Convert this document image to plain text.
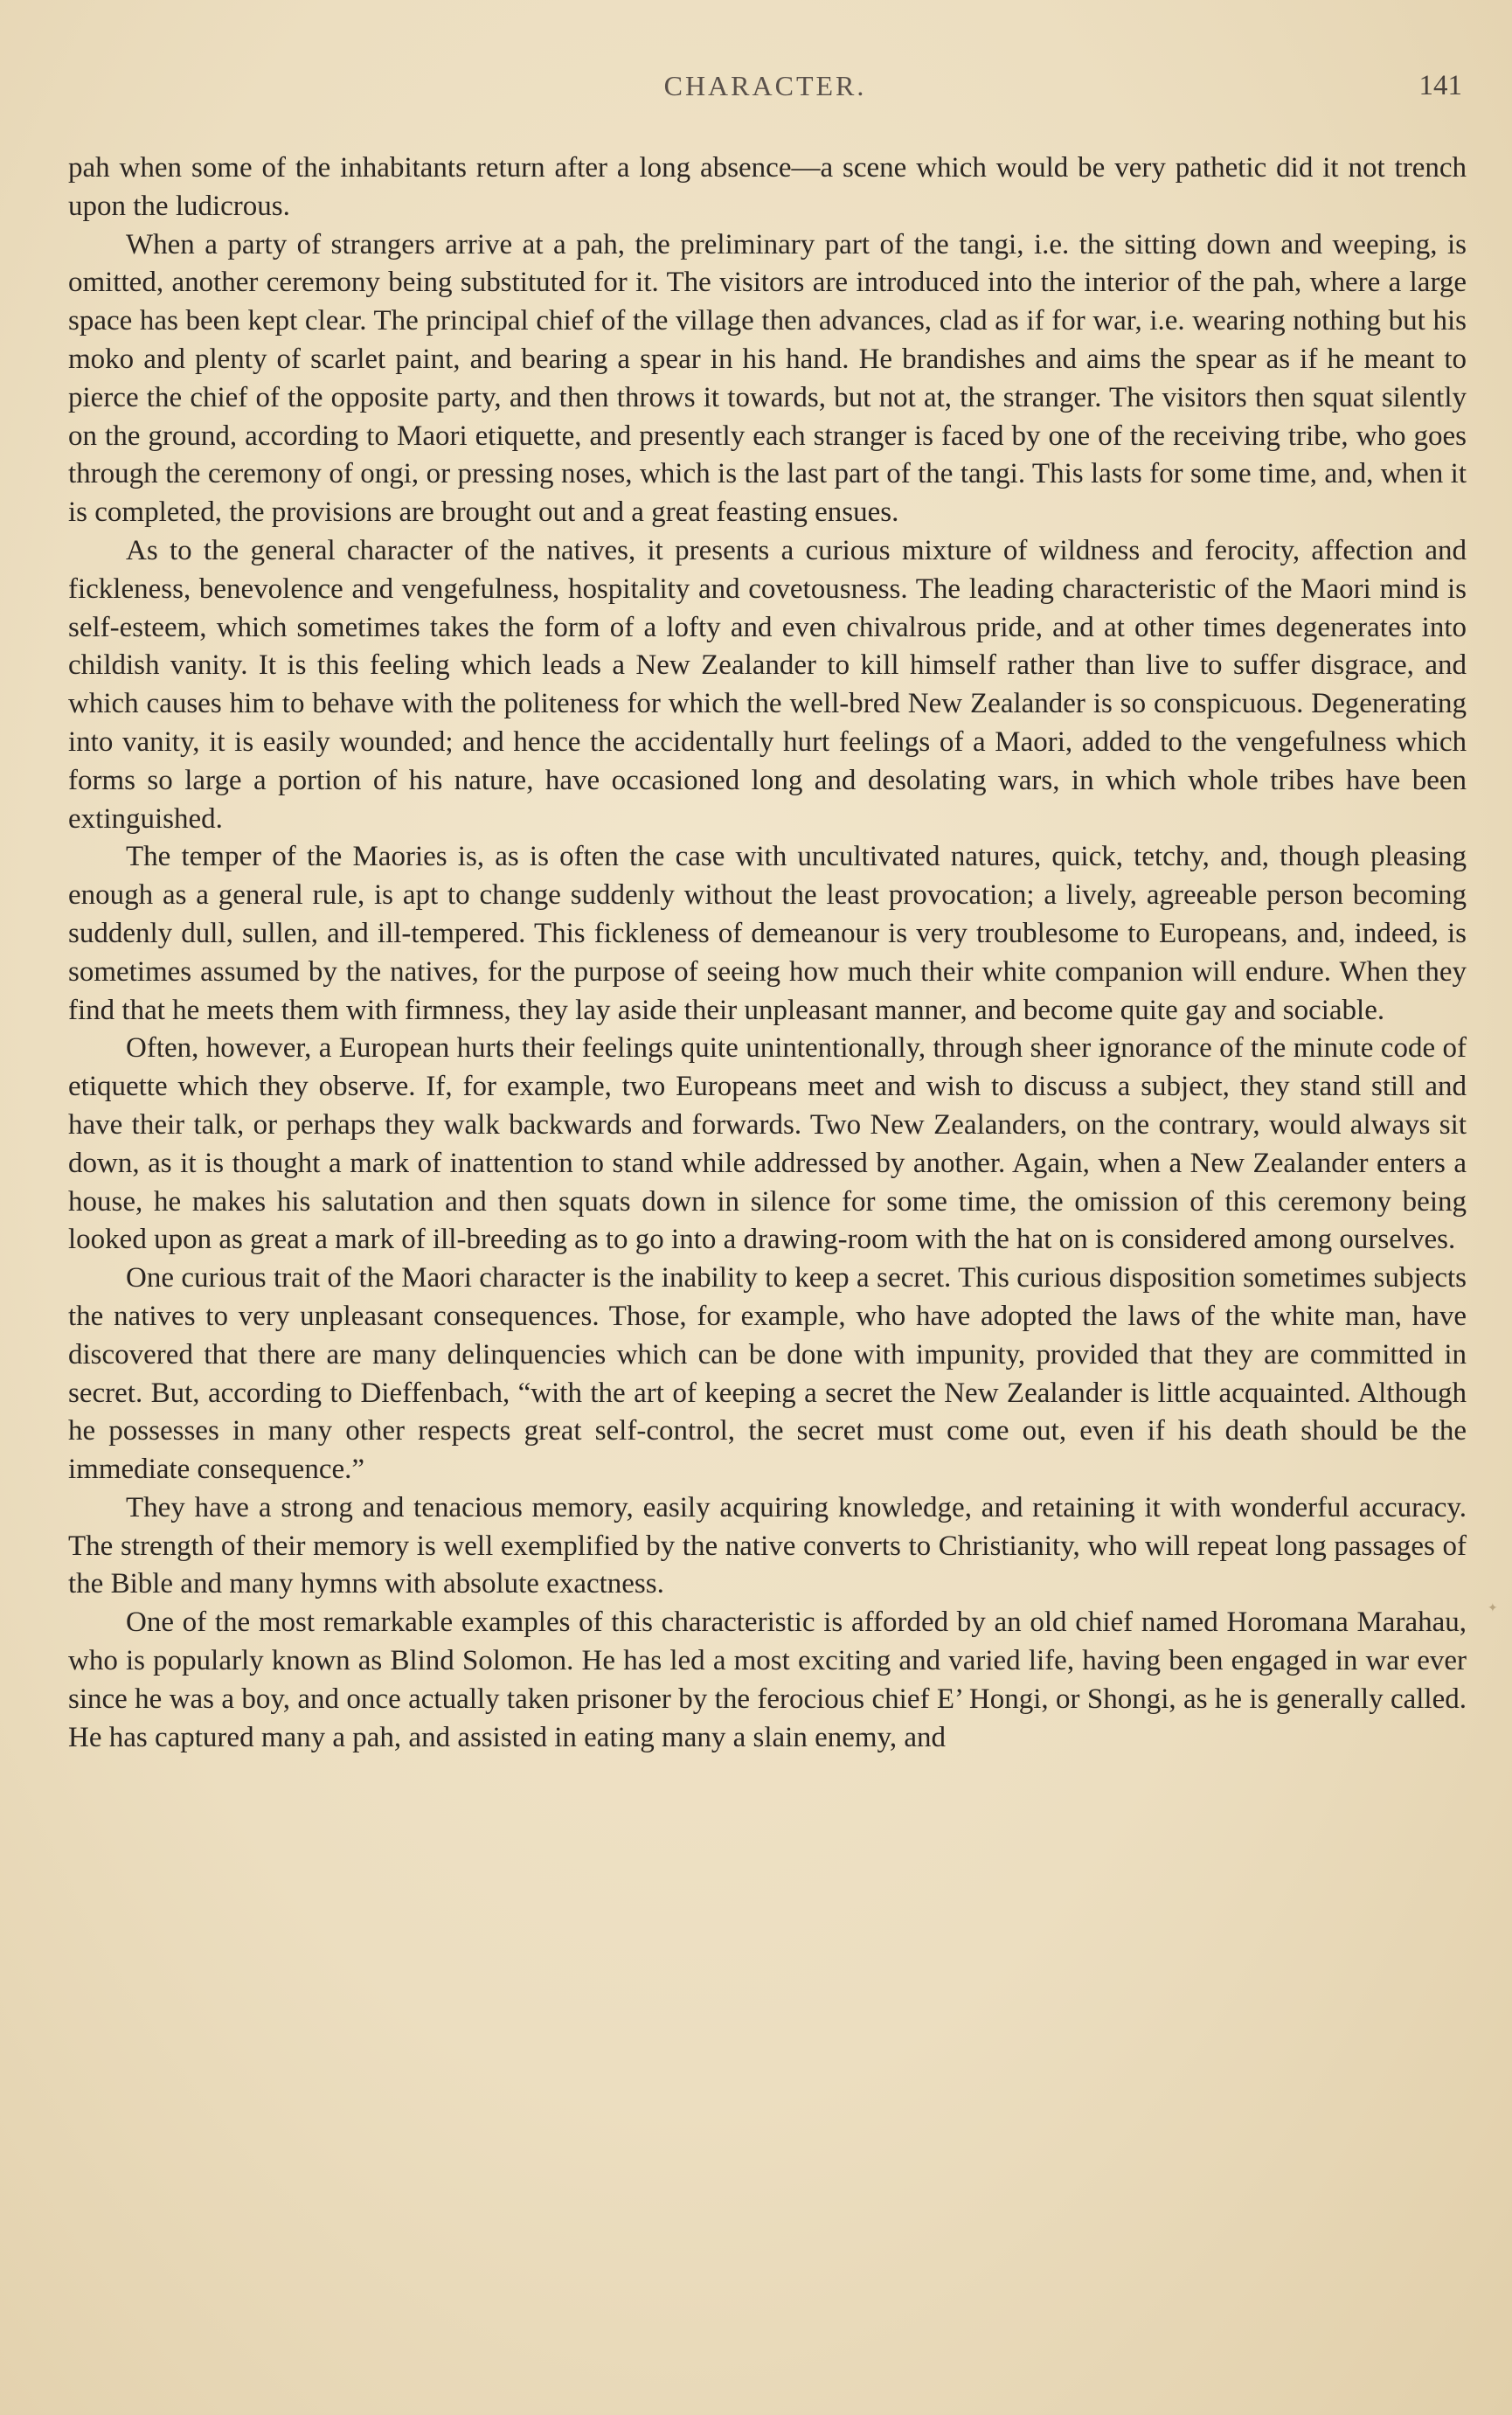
CHARACTER.	141

pah when some of the inhabitants return after a long absence—a scene which would be very pathetic did it not trench upon the ludicrous.

When a party of strangers arrive at a pah, the preliminary part of the tangi, i.e. the sitting down and weeping, is omitted, another ceremony being substituted for it. The visitors are introduced into the interior of the pah, where a large space has been kept clear. The principal chief of the village then advances, clad as if for war, i.e. wearing nothing but his moko and plenty of scarlet paint, and bearing a spear in his hand. He brandishes and aims the spear as if he meant to pierce the chief of the opposite party, and then throws it towards, but not at, the stranger. The visitors then squat silently on the ground, according to Maori etiquette, and presently each stranger is faced by one of the receiving tribe, who goes through the ceremony of ongi, or pressing noses, which is the last part of the tangi. This lasts for some time, and, when it is completed, the provisions are brought out and a great feasting ensues.

As to the general character of the natives, it presents a curious mixture of wildness and ferocity, affection and fickleness, benevolence and vengefulness, hospitality and covetousness. The leading characteristic of the Maori mind is self-esteem, which sometimes takes the form of a lofty and even chivalrous pride, and at other times degenerates into childish vanity. It is this feeling which leads a New Zealander to kill himself rather than live to suffer disgrace, and which causes him to behave with the politeness for which the well-bred New Zealander is so conspicuous. Degenerating into vanity, it is easily wounded; and hence the accidentally hurt feelings of a Maori, added to the vengefulness which forms so large a portion of his nature, have occasioned long and desolating wars, in which whole tribes have been extinguished.

The temper of the Maories is, as is often the case with uncultivated natures, quick, tetchy, and, though pleasing enough as a general rule, is apt to change suddenly without the least provocation; a lively, agreeable person becoming suddenly dull, sullen, and ill-tempered. This fickleness of demeanour is very troublesome to Europeans, and, indeed, is sometimes assumed by the natives, for the purpose of seeing how much their white companion will endure. When they find that he meets them with firmness, they lay aside their unpleasant manner, and become quite gay and sociable.

Often, however, a European hurts their feelings quite unintentionally, through sheer ignorance of the minute code of etiquette which they observe. If, for example, two Europeans meet and wish to discuss a subject, they stand still and have their talk, or perhaps they walk backwards and forwards. Two New Zealanders, on the contrary, would always sit down, as it is thought a mark of inattention to stand while addressed by another. Again, when a New Zealander enters a house, he makes his salutation and then squats down in silence for some time, the omission of this ceremony being looked upon as great a mark of ill-breeding as to go into a drawing-room with the hat on is considered among ourselves.

One curious trait of the Maori character is the inability to keep a secret. This curious disposition sometimes subjects the natives to very unpleasant consequences. Those, for example, who have adopted the laws of the white man, have discovered that there are many delinquencies which can be done with impunity, provided that they are committed in secret. But, according to Dieffenbach, “with the art of keeping a secret the New Zealander is little acquainted. Although he possesses in many other respects great self-control, the secret must come out, even if his death should be the immediate consequence.”

They have a strong and tenacious memory, easily acquiring knowledge, and retaining it with wonderful accuracy. The strength of their memory is well exemplified by the native converts to Christianity, who will repeat long passages of the Bible and many hymns with absolute exactness.

One of the most remarkable examples of this characteristic is afforded by an old chief named Horomana Marahau, who is popularly known as Blind Solomon. He has led a most exciting and varied life, having been engaged in war ever since he was a boy, and once actually taken prisoner by the ferocious chief E’ Hongi, or Shongi, as he is generally called. He has captured many a pah, and assisted in eating many a slain enemy, and

✦
